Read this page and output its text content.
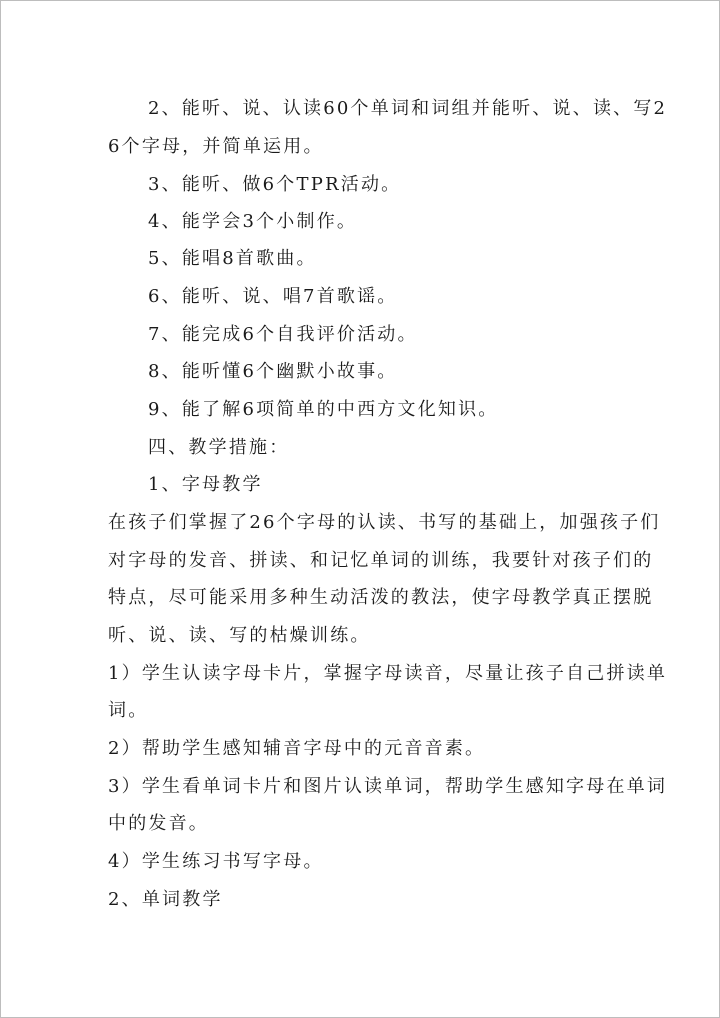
2、能听、说、认读60个单词和词组并能听、说、读、写2
6个字母，并简单运用。
3、能听、做6个TPR活动。
4、能学会3个小制作。
5、能唱8首歌曲。
6、能听、说、唱7首歌谣。
7、能完成6个自我评价活动。
8、能听懂6个幽默小故事。
9、能了解6项简单的中西方文化知识。
四、教学措施：
1、字母教学
在孩子们掌握了26个字母的认读、书写的基础上，加强孩子们
对字母的发音、拼读、和记忆单词的训练，我要针对孩子们的
特点，尽可能采用多种生动活泼的教法，使字母教学真正摆脱
听、说、读、写的枯燥训练。
1）学生认读字母卡片，掌握字母读音，尽量让孩子自己拼读单
词。
2）帮助学生感知辅音字母中的元音音素。
3）学生看单词卡片和图片认读单词，帮助学生感知字母在单词
中的发音。
4）学生练习书写字母。
2、单词教学
